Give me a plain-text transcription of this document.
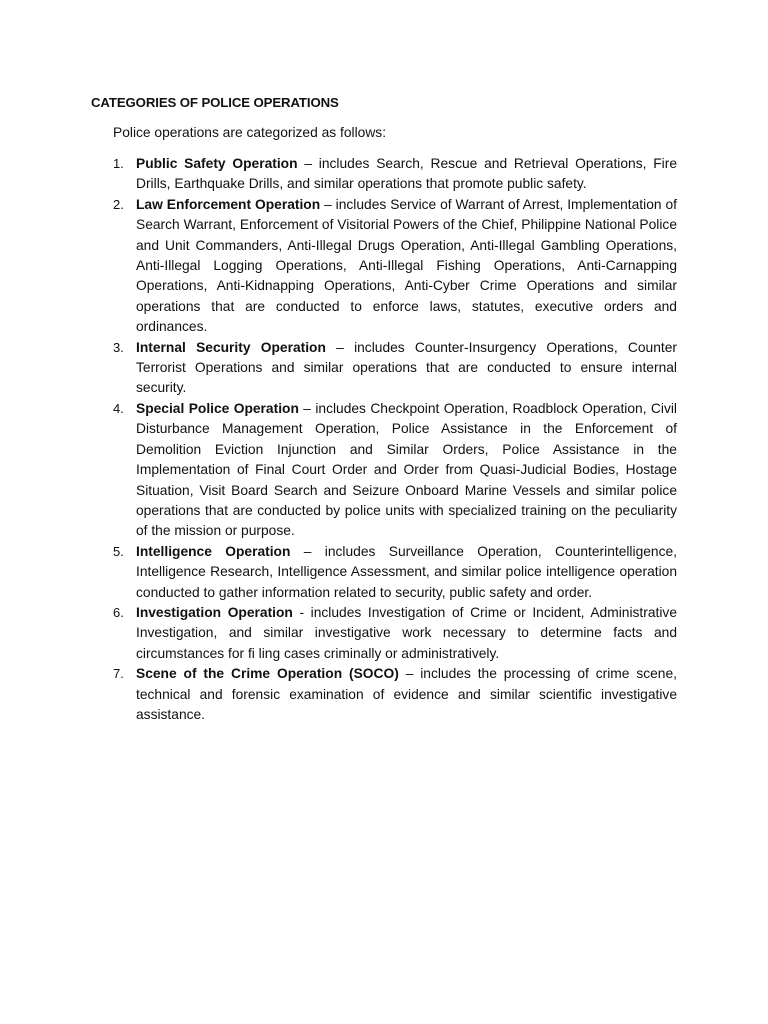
CATEGORIES OF POLICE OPERATIONS
Police operations are categorized as follows:
1. Public Safety Operation – includes Search, Rescue and Retrieval Operations, Fire Drills, Earthquake Drills, and similar operations that promote public safety.
2. Law Enforcement Operation – includes Service of Warrant of Arrest, Implementation of Search Warrant, Enforcement of Visitorial Powers of the Chief, Philippine National Police and Unit Commanders, Anti-Illegal Drugs Operation, Anti-Illegal Gambling Operations, Anti-Illegal Logging Operations, Anti-Illegal Fishing Operations, Anti-Carnapping Operations, Anti-Kidnapping Operations, Anti-Cyber Crime Operations and similar operations that are conducted to enforce laws, statutes, executive orders and ordinances.
3. Internal Security Operation – includes Counter-Insurgency Operations, Counter Terrorist Operations and similar operations that are conducted to ensure internal security.
4. Special Police Operation – includes Checkpoint Operation, Roadblock Operation, Civil Disturbance Management Operation, Police Assistance in the Enforcement of Demolition Eviction Injunction and Similar Orders, Police Assistance in the Implementation of Final Court Order and Order from Quasi-Judicial Bodies, Hostage Situation, Visit Board Search and Seizure Onboard Marine Vessels and similar police operations that are conducted by police units with specialized training on the peculiarity of the mission or purpose.
5. Intelligence Operation – includes Surveillance Operation, Counterintelligence, Intelligence Research, Intelligence Assessment, and similar police intelligence operation conducted to gather information related to security, public safety and order.
6. Investigation Operation - includes Investigation of Crime or Incident, Administrative Investigation, and similar investigative work necessary to determine facts and circumstances for fi ling cases criminally or administratively.
7. Scene of the Crime Operation (SOCO) – includes the processing of crime scene, technical and forensic examination of evidence and similar scientific investigative assistance.
